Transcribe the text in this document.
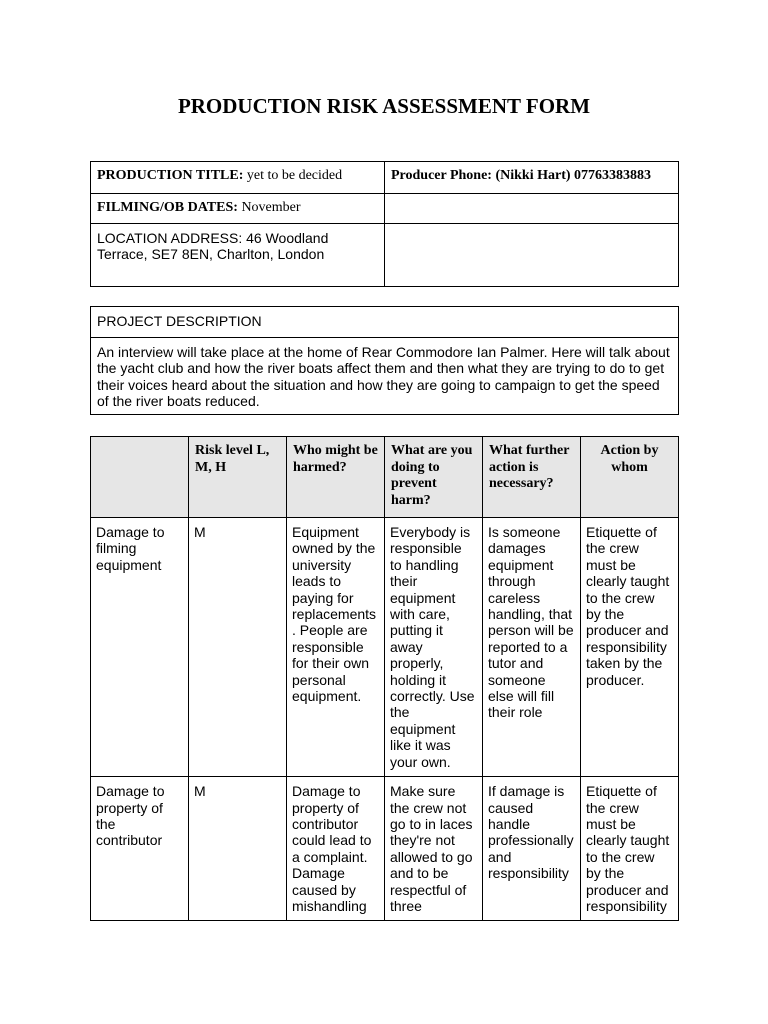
PRODUCTION RISK ASSESSMENT FORM
PRODUCTION TITLE: yet to be decided	Producer Phone: (Nikki Hart) 07763383883
FILMING/OB DATES: November	
LOCATION ADDRESS: 46 Woodland Terrace, SE7 8EN, Charlton, London	
PROJECT DESCRIPTION
An interview will take place at the home of Rear Commodore Ian Palmer. Here will talk about the yacht club and how the river boats affect them and then what they are trying to do to get their voices heard about the situation and how they are going to campaign to get the speed of the river boats reduced.
	Risk level L, M, H	Who might be harmed?	What are you doing to prevent harm?	What further action is necessary?	Action by whom
Damage to filming equipment	M	Equipment owned by the university leads to paying for replacements . People are responsible for their own personal equipment.	Everybody is responsible to handling their equipment with care, putting it away properly, holding it correctly. Use the equipment like it was your own.	Is someone damages equipment through careless handling, that person will be reported to a tutor and someone else will fill their role	Etiquette of the crew must be clearly taught to the crew by the producer and responsibility taken by the producer.
Damage to property of the contributor	M	Damage to property of contributor could lead to a complaint. Damage caused by mishandling	Make sure the crew not go to in laces they're not allowed to go and to be respectful of three	If damage is caused handle professionally and responsibility	Etiquette of the crew must be clearly taught to the crew by the producer and responsibility
